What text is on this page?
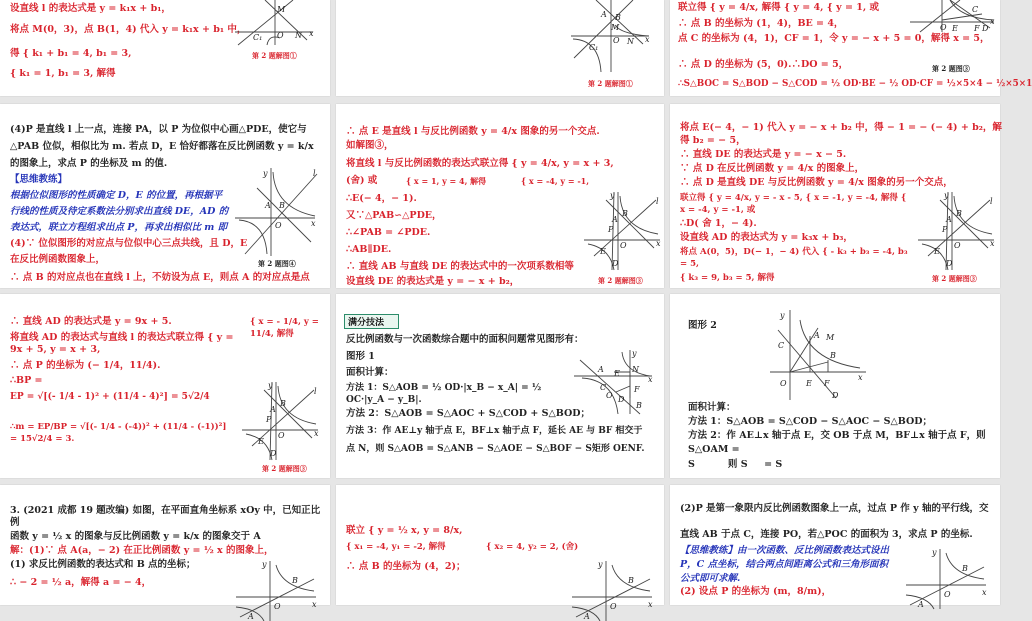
设直线 l 的表达式是 y = k₁x + b₁，
将点 M(0，3)，点 B(1，4) 代入 y = k₁x + b₁ 中，
得 { k₁ + b₁ = 4, b₁ = 3,
{ k₁ = 1, b₁ = 3, 解得
M
O N x
C₁
第 2 题解图①
A B
M
O N x
C₁
第 2 题解图①
联立得 { y = 4/x, 解得 { y = 4, { y = 1, 或
∴ 点 B 的坐标为 (1，4)，BE = 4，
点 C 的坐标为 (4，1)，CF = 1，令 y = − x + 5 = 0，解得 x = 5，
∴ 点 D 的坐标为 (5，0).∴DO = 5，
∴S△BOC = S△BOD − S△COD = ½ OD·BE − ½ OD·CF = ½×5×4 − ½×5×1
C
O E F D
x
第 2 题图③
(4)P 是直线 l 上一点，连接 PA，以 P 为位似中心画△PDE，使它与
△PAB 位似，相似比为 m. 若点 D，E 恰好都落在反比例函数 y = k/x
的图象上，求点 P 的坐标及 m 的值.
【思维教练】
根据位似图形的性质确定 D，E 的位置，再根据平
行线的性质及待定系数法分别求出直线 DE，AD 的
表达式，联立方程组求出点 P，再求出相似比 m 即
(4)∵ 位似图形的对应点与位似中心三点共线，且 D，E
在反比例函数图象上，
∴ 点 B 的对应点也在直线 l 上，不妨设为点 E，则点 A 的对应点是点
y	l
A B
O	x
第 2 题图④
∴ 点 E 是直线 l 与反比例函数 y = 4/x 图象的另一个交点.
如解图③，
将直线 l 与反比例函数的表达式联立得 { y = 4/x, y = x + 3,
{ x = 1, y = 4, 解得	{ x = -4, y = -1,
(舍) 或
∴E(− 4，− 1).
又∵△PAB∽△PDE，
∴∠PAB = ∠PDE.
∴AB∥DE.
∴ 直线 AB 与直线 DE 的表达式中的一次项系数相等
设直线 DE 的表达式是 y = − x + b₂，
y
l
A
B
P
O
E
D
x
第 2 题解图③
将点 E(− 4，− 1) 代入 y = − x + b₂ 中，得 − 1 = − (− 4) + b₂，解
得 b₂ = − 5，
∴ 直线 DE 的表达式是 y = − x − 5.
∵ 点 D 在反比例函数 y = 4/x 的图象上，
∴ 点 D 是直线 DE 与反比例函数 y = 4/x 图象的另一个交点，
联立得 { y = 4/x, y = - x - 5, { x = -1, y = -4, 解得 { x = -4, y = -1, 或
∴D( 舍 1，− 4).
设直线 AD 的表达式为 y = k₃x + b₃，
将点 A(0，5)，D(− 1，− 4) 代入 { - k₃ + b₃ = -4, b₃ = 5,
{ k₃ = 9, b₃ = 5, 解得
y
l
A
B
P
O
E
D
x
第 2 题解图③
∴ 直线 AD 的表达式是 y = 9x + 5.
将直线 AD 的表达式与直线 l 的表达式联立得 { y = 9x + 5, y = x + 3,
{ x = - 1/4, y = 11/4, 解得
∴ 点 P 的坐标为 (− 1/4，11/4).
∴BP =
EP = √[(- 1/4 - 1)² + (11/4 - 4)²] = 5√2/4
∴m = EP/BP = √[(- 1/4 - (-4))² + (11/4 - (-1))²] = 15√2/4 = 3.
y
l
A
B
P
O
E
D
x
第 2 题解图③
满分技法
反比例函数与一次函数综合题中的面积问题常见图形有：
图形 1
面积计算：
方法 1：S△AOB = ½ OD·|x_B − x_A| = ½ OC·|y_A − y_B|.
方法 2：S△AOB = S△AOC + S△COD + S△BOD；
方法 3：作 AE⊥y 轴于点 E，BF⊥x 轴于点 F，延长 AE 与 BF 相交于
点 N，则 S△AOB = S△ANB − S△AOE − S△BOF − S矩形 OENF.
y
A E N
C	F
O D
B
x
图形 2
y
C
A M
B
O E F
D
x
面积计算：
方法 1：S△AOB = S△COD − S△AOC − S△BOD；
方法 2：作 AE⊥x 轴于点 E，交 OB 于点 M，BF⊥x 轴于点 F，则
S△OAM =
S          则 S     = S
3. (2021 成都 19 题改编) 如图，在平面直角坐标系 xOy 中，已知正比例
函数 y = ½ x 的图象与反比例函数 y = k/x 的图象交于 A
解：(1)∵ 点 A(a，− 2) 在正比例函数 y = ½ x 的图象上，
(1) 求反比例函数的表达式和 B 点的坐标；
∴ − 2 = ½ a，解得 a = − 4，
y
B
O	x
A
联立 { y = ½ x, y = 8/x,
{ x₁ = -4, y₁ = -2, 解得	{ x₂ = 4, y₂ = 2, (舍)
∴ 点 B 的坐标为 (4，2)；	y
B
O	x
A
(2)P 是第一象限内反比例函数图象上一点，过点 P 作 y 轴的平行线，交
直线 AB 于点 C，连接 PO，若△POC 的面积为 3，求点 P 的坐标.
【思维教练】由一次函数、反比例函数表达式设出
P，C 点坐标，结合两点间距离公式和三角形面积
公式即可求解.
(2) 设点 P 的坐标为 (m，8/m)，
y
B
O	x
A
